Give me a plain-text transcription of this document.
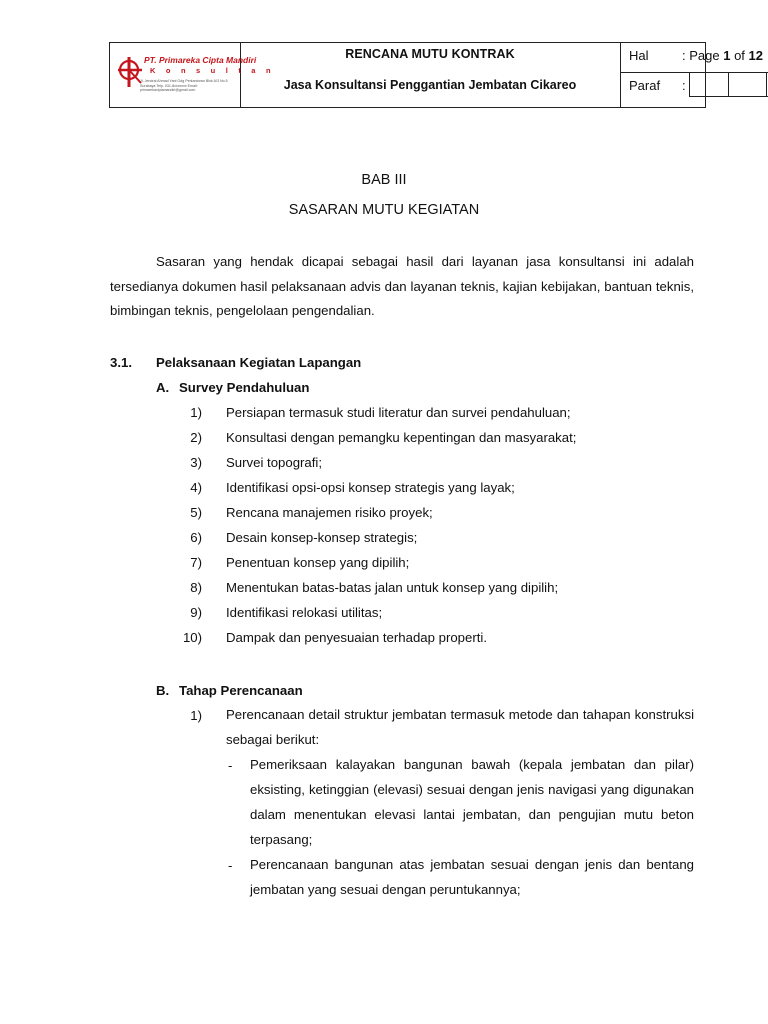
PT. Primareka Cipta Mandiri
K o n s u l t a n
Jl. Jendral Ahmad Yani Gdg Perkantoran Blok A/3 No.5 Surabaya Telp. 031-8xxxxxxx Email: primarekaciptamandiri@gmail.com
RENCANA MUTU KONTRAK
Jasa Konsultansi Penggantian Jembatan Cikareo
Hal	: Page 1 of 12
Paraf :
BAB III
SASARAN MUTU KEGIATAN
Sasaran yang hendak dicapai sebagai hasil dari layanan jasa konsultansi ini adalah tersedianya dokumen hasil pelaksanaan advis dan layanan teknis, kajian kebijakan, bantuan teknis, bimbingan teknis, pengelolaan pengendalian.
3.1. Pelaksanaan Kegiatan Lapangan
A. Survey Pendahuluan
1) Persiapan termasuk studi literatur dan survei pendahuluan;
2) Konsultasi dengan pemangku kepentingan dan masyarakat;
3) Survei topografi;
4) Identifikasi opsi-opsi konsep strategis yang layak;
5) Rencana manajemen risiko proyek;
6) Desain konsep-konsep strategis;
7) Penentuan konsep yang dipilih;
8) Menentukan batas-batas jalan untuk konsep yang dipilih;
9) Identifikasi relokasi utilitas;
10) Dampak dan penyesuaian terhadap properti.
B. Tahap Perencanaan
1) Perencanaan detail struktur jembatan termasuk metode dan tahapan konstruksi sebagai berikut:
- Pemeriksaan kalayakan bangunan bawah (kepala jembatan dan pilar) eksisting, ketinggian (elevasi) sesuai dengan jenis navigasi yang digunakan dalam menentukan elevasi lantai jembatan, dan pengujian mutu beton terpasang;
- Perencanaan bangunan atas jembatan sesuai dengan jenis dan bentang jembatan yang sesuai dengan peruntukannya;
